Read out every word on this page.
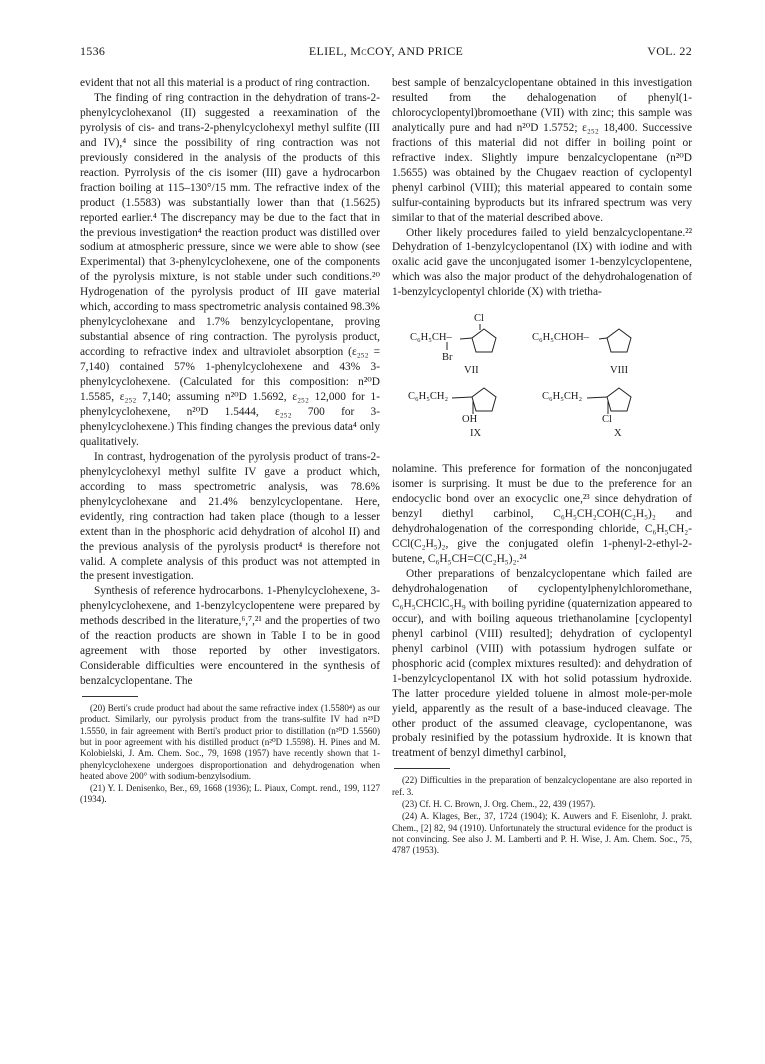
1536	ELIEL, McCOY, AND PRICE	VOL. 22

evident that not all this material is a product of ring contraction.

The finding of ring contraction in the dehydration of trans-2-phenylcyclohexanol (II) suggested a reexamination of the pyrolysis of cis- and trans-2-phenylcyclohexyl methyl sulfite (III and IV),⁴ since the possibility of ring contraction was not previously considered in the analysis of the products of this reaction. Pyrrolysis of the cis isomer (III) gave a hydrocarbon fraction boiling at 115–130°/15 mm. The refractive index of the product (1.5583) was substantially lower than that (1.5625) reported earlier.⁴ The discrepancy may be due to the fact that in the previous investigation⁴ the reaction product was distilled over sodium at atmospheric pressure, since we were able to show (see Experimental) that 3-phenylcyclohexene, one of the components of the pyrolysis mixture, is not stable under such conditions.²⁰ Hydrogenation of the pyrolysis product of III gave material which, according to mass spectrometric analysis contained 98.3% phenylcyclohexane and 1.7% benzylcyclopentane, proving substantial absence of ring contraction. The pyrolysis product, according to refractive index and ultraviolet absorption (ε₂₅₂ = 7,140) contained 57% 1-phenylcyclohexene and 43% 3-phenylcyclohexene. (Calculated for this composition: n²⁰D 1.5585, ε₂₅₂ 7,140; assuming n²⁰D 1.5692, ε₂₅₂ 12,000 for 1-phenylcyclohexene, n²⁰D 1.5444, ε₂₅₂ 700 for 3-phenylcyclohexene.) This finding changes the previous data⁴ only qualitatively.

In contrast, hydrogenation of the pyrolysis product of trans-2-phenylcyclohexyl methyl sulfite IV gave a product which, according to mass spectrometric analysis, was 78.6% phenylcyclohexane and 21.4% benzylcyclopentane. Here, evidently, ring contraction had taken place (though to a lesser extent than in the phosphoric acid dehydration of alcohol II) and the previous analysis of the pyrolysis product⁴ is therefore not valid. A complete analysis of this product was not attempted in the present investigation.

Synthesis of reference hydrocarbons. 1-Phenylcyclohexene, 3-phenylcyclohexene, and 1-benzylcyclopentene were prepared by methods described in the literature,⁶,⁷,²¹ and the properties of two of the reaction products are shown in Table I to be in good agreement with those reported by other investigators. Considerable difficulties were encountered in the synthesis of benzalcyclopentane. The

(20) Berti's crude product had about the same refractive index (1.5580⁴) as our product. Similarly, our pyrolysis product from the trans-sulfite IV had n²⁵D 1.5550, in fair agreement with Berti's product prior to distillation (n²⁰D 1.5560) but in poor agreement with his distilled product (n²⁰D 1.5598). H. Pines and M. Kolobielski, J. Am. Chem. Soc., 79, 1698 (1957) have recently shown that 1-phenylcyclohexene undergoes disproportionation and dehydrogenation when heated above 200° with sodium-benzylsodium.

(21) Y. I. Denisenko, Ber., 69, 1668 (1936); L. Piaux, Compt. rend., 199, 1127 (1934).

best sample of benzalcyclopentane obtained in this investigation resulted from the dehalogenation of phenyl(1-chlorocyclopentyl)bromoethane (VII) with zinc; this sample was analytically pure and had n²⁰D 1.5752; ε₂₅₂ 18,400. Successive fractions of this material did not differ in boiling point or refractive index. Slightly impure benzalcyclopentane (n²⁰D 1.5655) was obtained by the Chugaev reaction of cyclopentyl phenyl carbinol (VIII); this material appeared to contain some sulfur-containing byproducts but its infrared spectrum was very similar to that of the material described above.

Other likely procedures failed to yield benzalcyclopentane.²² Dehydration of 1-benzylcyclopentanol (IX) with iodine and with oxalic acid gave the unconjugated isomer 1-benzylcyclopentene, which was also the major product of the dehydrohalogenation of 1-benzylcyclopentyl chloride (X) with trietha-

Cl
C₆H₅CH–
Br
VII
C₆H₅CHOH–
VIII
C₆H₅CH₂
OH
IX
C₆H₅CH₂
Cl
X

nolamine. This preference for formation of the nonconjugated isomer is surprising. It must be due to the preference for an endocyclic bond over an exocyclic one,²³ since dehydration of benzyl diethyl carbinol, C₆H₅CH₂COH(C₂H₅)₂ and dehydrohalogenation of the corresponding chloride, C₆H₅CH₂-CCl(C₂H₅)₂, give the conjugated olefin 1-phenyl-2-ethyl-2-butene, C₆H₅CH=C(C₂H₅)₂.²⁴

Other preparations of benzalcyclopentane which failed are dehydrohalogenation of cyclopentylphenylchloromethane, C₆H₅CHClC₅H₉ with boiling pyridine (quaternization appeared to occur), and with boiling aqueous triethanolamine [cyclopentyl phenyl carbinol (VIII) resulted]; dehydration of cyclopentyl phenyl carbinol (VIII) with potassium hydrogen sulfate or phosphoric acid (complex mixtures resulted): and dehydration of 1-benzylcyclopentanol IX with hot solid potassium hydroxide. The latter procedure yielded toluene in almost mole-per-mole yield, apparently as the result of a base-induced cleavage. The other product of the assumed cleavage, cyclopentanone, was probaly resinified by the potassium hydroxide. It is known that treatment of benzyl dimethyl carbinol,

(22) Difficulties in the preparation of benzalcyclopentane are also reported in ref. 3.

(23) Cf. H. C. Brown, J. Org. Chem., 22, 439 (1957).

(24) A. Klages, Ber., 37, 1724 (1904); K. Auwers and F. Eisenlohr, J. prakt. Chem., [2] 82, 94 (1910). Unfortunately the structural evidence for the product is not convincing. See also J. M. Lamberti and P. H. Wise, J. Am. Chem. Soc., 75, 4787 (1953).
